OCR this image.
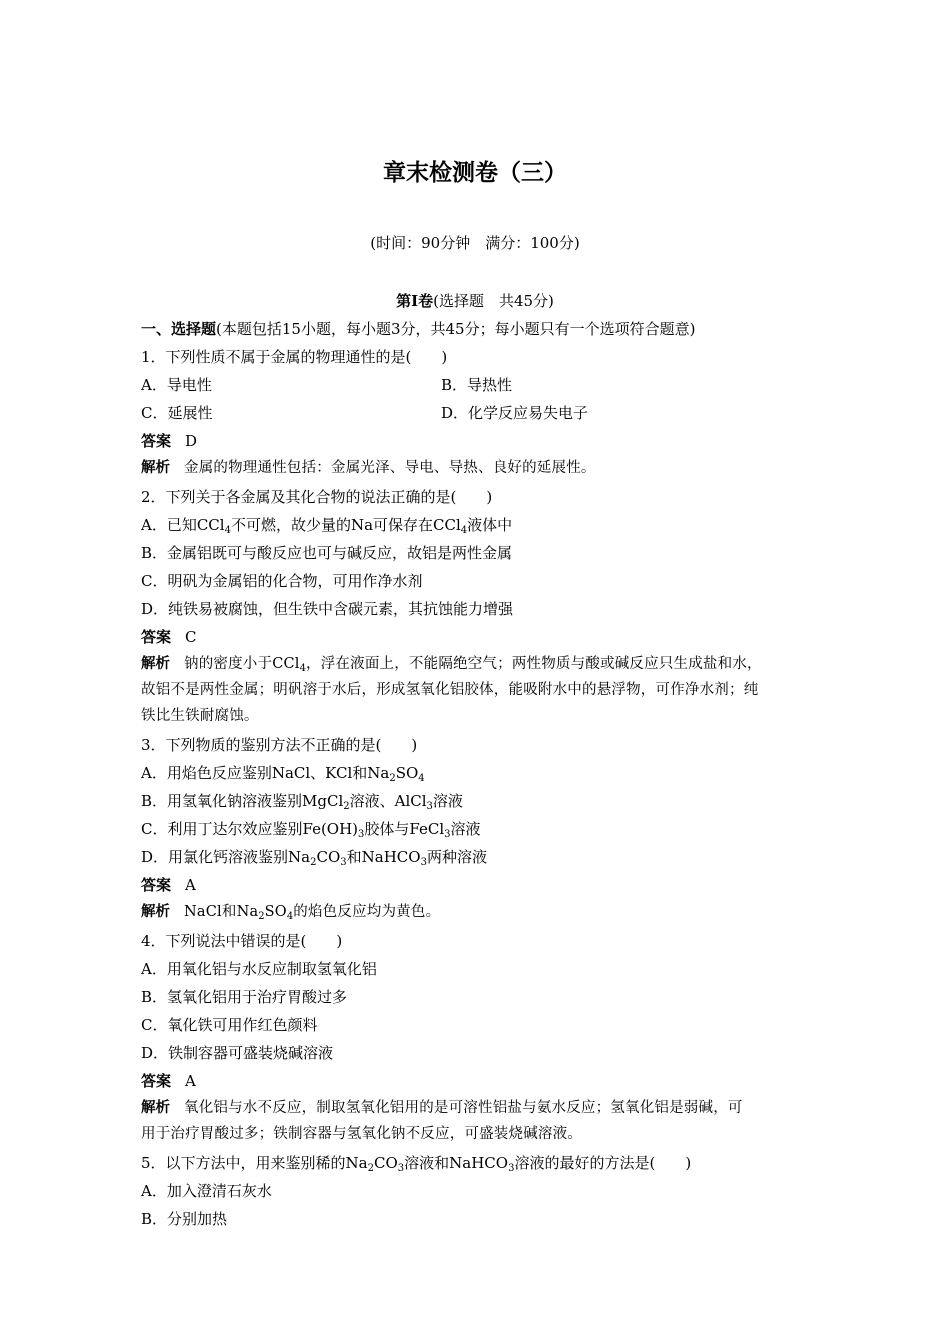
章末检测卷（三）
(时间：90分钟　满分：100分)
第Ⅰ卷(选择题　共45分)
一、选择题(本题包括15小题，每小题3分，共45分；每小题只有一个选项符合题意)
1．下列性质不属于金属的物理通性的是(　　)
A．导电性	B．导热性
C．延展性	D．化学反应易失电子
答案 D
解析 金属的物理通性包括：金属光泽、导电、导热、良好的延展性。
2．下列关于各金属及其化合物的说法正确的是(　　)
A．已知CCl$_4$不可燃，故少量的Na可保存在CCl$_4$液体中
B．金属铝既可与酸反应也可与碱反应，故铝是两性金属
C．明矾为金属铝的化合物，可用作净水剂
D．纯铁易被腐蚀，但生铁中含碳元素，其抗蚀能力增强
答案 C
解析 钠的密度小于CCl$_4$，浮在液面上，不能隔绝空气；两性物质与酸或碱反应只生成盐和水，
故铝不是两性金属；明矾溶于水后，形成氢氧化铝胶体，能吸附水中的悬浮物，可作净水剂；纯
铁比生铁耐腐蚀。
3．下列物质的鉴别方法不正确的是(　　)
A．用焰色反应鉴别NaCl、KCl和$Na_2SO_4$
B．用氢氧化钠溶液鉴别MgCl$_2$溶液、AlCl$_3$溶液
C．利用丁达尔效应鉴别$Fe(OH)_3$胶体与FeCl$_3$溶液
D．用氯化钙溶液鉴别$Na_2CO_3$和NaHCO$_3$两种溶液
答案 A
解析 NaCl和$Na_2SO_4$的焰色反应均为黄色。
4．下列说法中错误的是(　　)
A．用氧化铝与水反应制取氢氧化铝
B．氢氧化铝用于治疗胃酸过多
C．氧化铁可用作红色颜料
D．铁制容器可盛装烧碱溶液
答案 A
解析 氧化铝与水不反应，制取氢氧化铝用的是可溶性铝盐与氨水反应；氢氧化铝是弱碱，可
用于治疗胃酸过多；铁制容器与氢氧化钠不反应，可盛装烧碱溶液。
5．以下方法中，用来鉴别稀的$Na_2CO_3$溶液和NaHCO$_3$溶液的最好的方法是(　　)
A．加入澄清石灰水
B．分别加热
